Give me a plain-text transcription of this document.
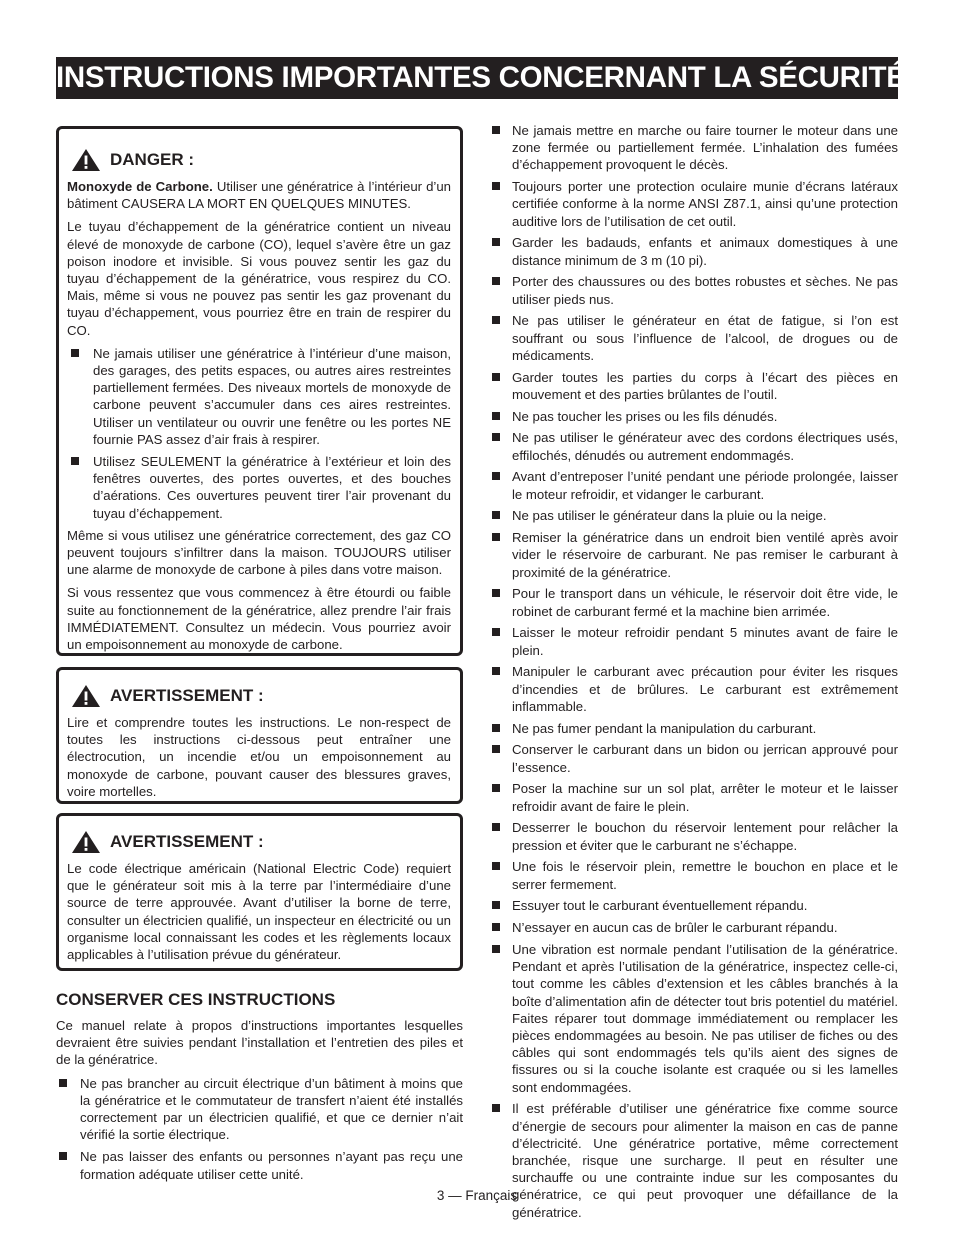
INSTRUCTIONS IMPORTANTES CONCERNANT LA SÉCURITÉ
DANGER :

Monoxyde de Carbone. Utiliser une génératrice à l’intérieur d’un bâtiment CAUSERA LA MORT EN QUELQUES MINUTES.

Le tuyau d’échappement de la génératrice contient un niveau élevé de monoxyde de carbone (CO), lequel s’avère être un gaz poison inodore et invisible. Si vous pouvez sentir les gaz du tuyau d’échappement de la génératrice, vous respirez du CO. Mais, même si vous ne pouvez pas sentir les gaz provenant du tuyau d’échappement, vous pourriez être en train de respirer du CO.

Ne jamais utiliser une génératrice à l’intérieur d’une maison, des garages, des petits espaces, ou autres aires restreintes partiellement fermées. Des niveaux mortels de monoxyde de carbone peuvent s’accumuler dans ces aires restreintes. Utiliser un ventilateur ou ouvrir une fenêtre ou les portes NE fournie PAS assez d’air frais à respirer.
Utilisez SEULEMENT la génératrice à l’extérieur et loin des fenêtres ouvertes, des portes ouvertes, et des bouches d’aérations. Ces ouvertures peuvent tirer l’air provenant du tuyau d’échappement.

Même si vous utilisez une génératrice correctement, des gaz CO peuvent toujours s’infiltrer dans la maison. TOUJOURS utiliser une alarme de monoxyde de carbone à piles dans votre maison.

Si vous ressentez que vous commencez à être étourdi ou faible suite au fonctionnement de la génératrice, allez prendre l’air frais IMMÉDIATEMENT. Consultez un médecin. Vous pourriez avoir un empoisonnement au monoxyde de carbone.

AVERTISSEMENT :

Lire et comprendre toutes les instructions. Le non-respect de toutes les instructions ci-dessous peut entraîner une électrocution, un incendie et/ou un empoisonnement au monoxyde de carbone, pouvant causer des blessures graves, voire mortelles.

AVERTISSEMENT :

Le code électrique américain (National Electric Code) requiert que le générateur soit mis à la terre par l’intermédiaire d’une source de terre approuvée. Avant d’utiliser la borne de terre, consulter un électricien qualifié, un inspecteur en électricité ou un organisme local connaissant les codes et les règlements locaux applicables à l’utilisation prévue du générateur.

CONSERVER CES INSTRUCTIONS

Ce manuel relate à propos d’instructions importantes lesquelles devraient être suivies pendant l’installation et l’entretien des piles et de la génératrice.

Ne pas brancher au circuit électrique d’un bâtiment à moins que la génératrice et le commutateur de transfert n’aient été installés correctement par un électricien qualifié, et que ce dernier n’ait vérifié la sortie électrique.
Ne pas laisser des enfants ou personnes n’ayant pas reçu une formation adéquate utiliser cette unité.
Ne jamais mettre en marche ou faire tourner le moteur dans une zone fermée ou partiellement fermée. L’inhalation des fumées d’échappement provoquent le décès.
Toujours porter une protection oculaire munie d’écrans latéraux certifiée conforme à la norme ANSI Z87.1, ainsi qu’une protection auditive lors de l’utilisation de cet outil.
Garder les badauds, enfants et animaux domestiques à une distance minimum de 3 m (10 pi).
Porter des chaussures ou des bottes robustes et sèches. Ne pas utiliser pieds nus.
Ne pas utiliser le générateur en état de fatigue, si l’on est souffrant ou sous l’influence de l’alcool, de drogues ou de médicaments.
Garder toutes les parties du corps à l’écart des pièces en mouvement et des parties brûlantes de l’outil.
Ne pas toucher les prises ou les fils dénudés.
Ne pas utiliser le générateur avec des cordons électriques usés, effilochés, dénudés ou autrement endommagés.
Avant d’entreposer l’unité pendant une période prolongée, laisser le moteur refroidir, et vidanger le carburant.
Ne pas utiliser le générateur dans la pluie ou la neige.
Remiser la génératrice dans un endroit bien ventilé après avoir vider le réservoire de carburant. Ne pas remiser le carburant à proximité de la génératrice.
Pour le transport dans un véhicule, le réservoir doit être vide, le robinet de carburant fermé et la machine bien arrimée.
Laisser le moteur refroidir pendant 5 minutes avant de faire le plein.
Manipuler le carburant avec précaution pour éviter les risques d’incendies et de brûlures. Le carburant est extrêmement inflammable.
Ne pas fumer pendant la manipulation du carburant.
Conserver le carburant dans un bidon ou jerrican approuvé pour l’essence.
Poser la machine sur un sol plat, arrêter le moteur et le laisser refroidir avant de faire le plein.
Desserrer le bouchon du réservoir lentement pour relâcher la pression et éviter que le carburant ne s’échappe.
Une fois le réservoir plein, remettre le bouchon en place et le serrer fermement.
Essuyer tout le carburant éventuellement répandu.
N’essayer en aucun cas de brûler le carburant répandu.
Une vibration est normale pendant l’utilisation de la génératrice. Pendant et après l’utilisation de la génératrice, inspectez celle-ci, tout comme les câbles d’extension et les câbles branchés à la boîte d’alimentation afin de détecter tout bris potentiel du matériel. Faites réparer tout dommage immédiatement ou remplacer les pièces endommagées au besoin. Ne pas utiliser de fiches ou des câbles qui sont endommagés tels qu’ils aient des signes de fissures ou si la couche isolante est craquée ou si les lamelles sont endommagées.
Il est préférable d’utiliser une génératrice fixe comme source d’énergie de secours pour alimenter la maison en cas de panne d’électricité. Une génératrice portative, même correctement branchée, risque une surcharge. Il peut en résulter une surchauffe ou une contrainte indue sur les composantes du génératrice, ce qui peut provoquer une défaillance de la génératrice.
3 — Français
